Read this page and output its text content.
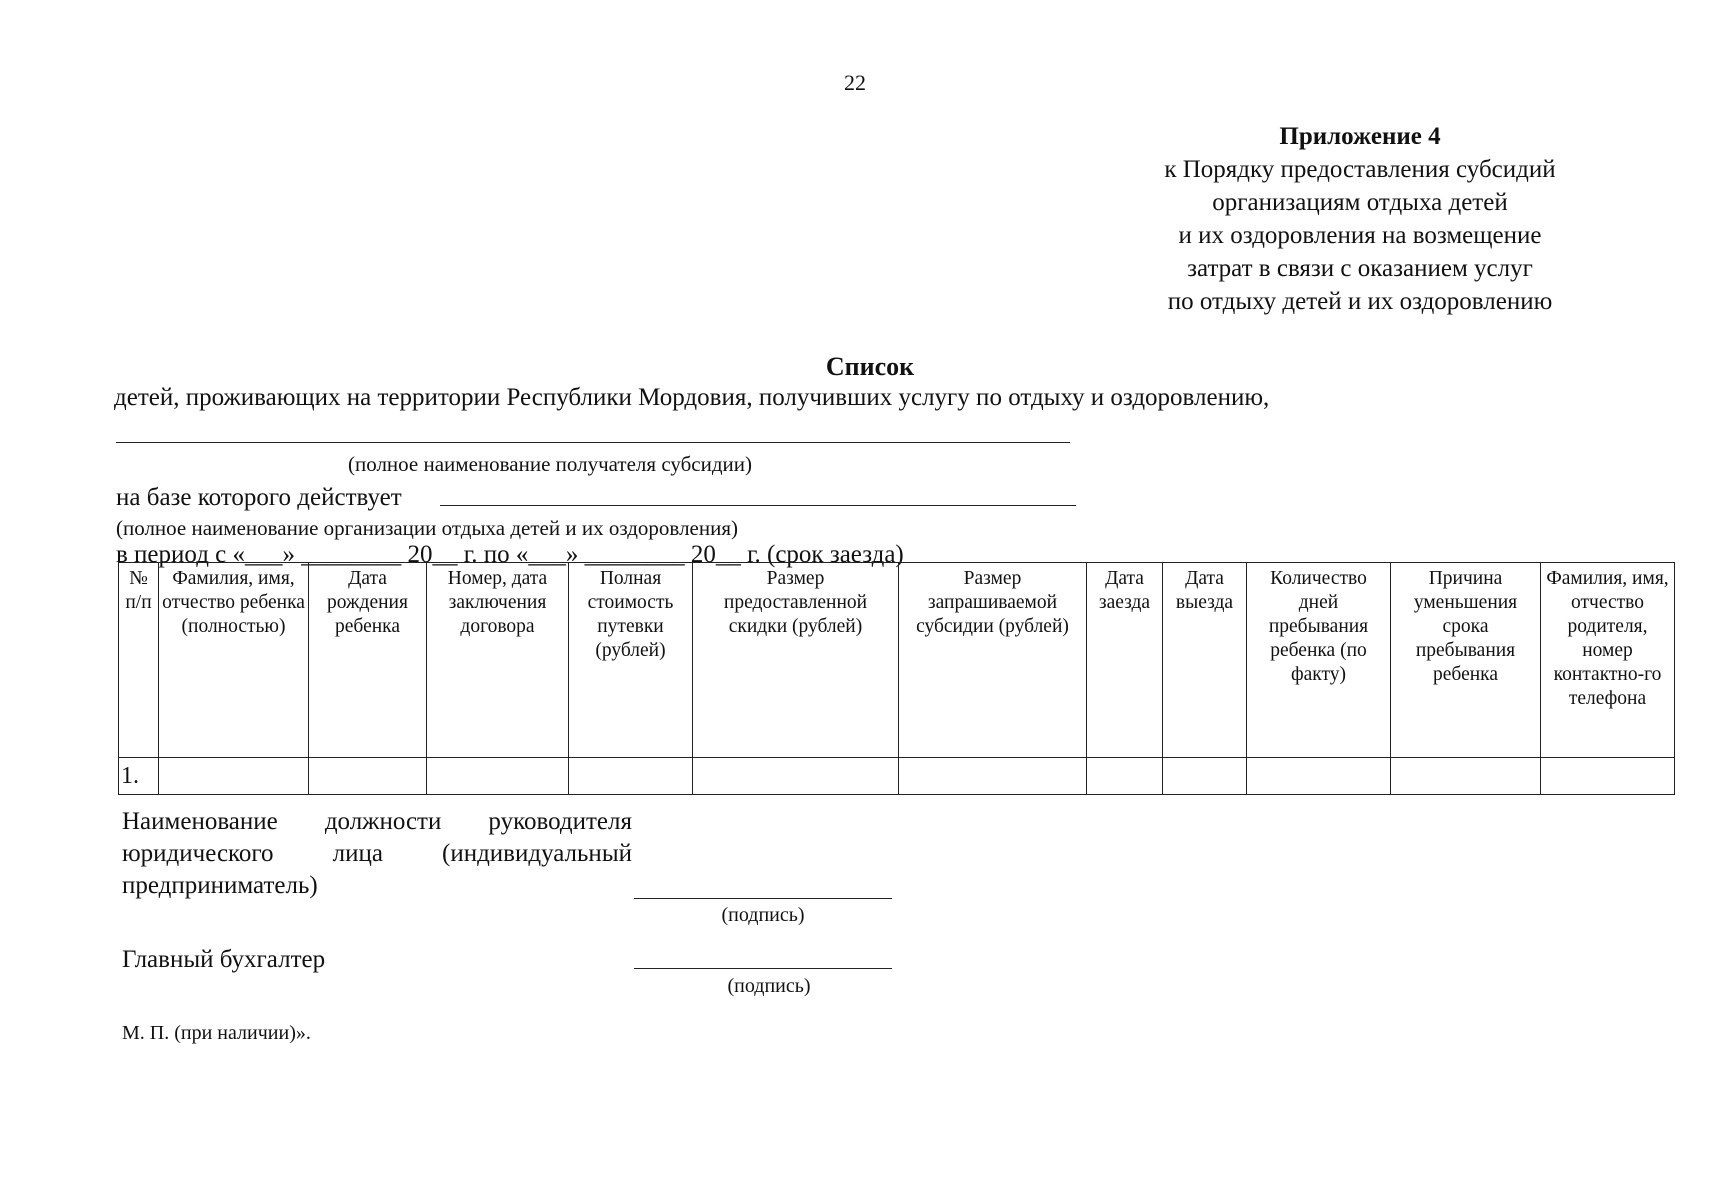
22
Приложение 4
к Порядку предоставления субсидий
организациям отдыха детей
и их оздоровления на возмещение
затрат в связи с оказанием услуг
по отдыху детей и их оздоровлению
Список
детей, проживающих на территории Республики Мордовия, получивших услугу по отдыху и оздоровлению,
(полное наименование получателя субсидии)
на базе которого действует
(полное наименование организации отдыха детей и их оздоровления)
в период с «___» ________ 20__ г. по «___» ________ 20__ г. (срок заезда)
№ п/п	Фамилия, имя, отчество ребенка (полностью)	Дата рождения ребенка	Номер, дата заключения договора	Полная стоимость путевки (рублей)	Размер предоставленной скидки (рублей)	Размер запрашиваемой субсидии (рублей)	Дата заезда	Дата выезда	Количество дней пребывания ребенка (по факту)	Причина уменьшения срока пребывания ребенка	Фамилия, имя, отчество родителя, номер контактно-го телефона
1.											
Наименование должности руководителя юридического лица (индивидуальный предприниматель)
(подпись)
Главный бухгалтер
(подпись)
М. П. (при наличии)».
